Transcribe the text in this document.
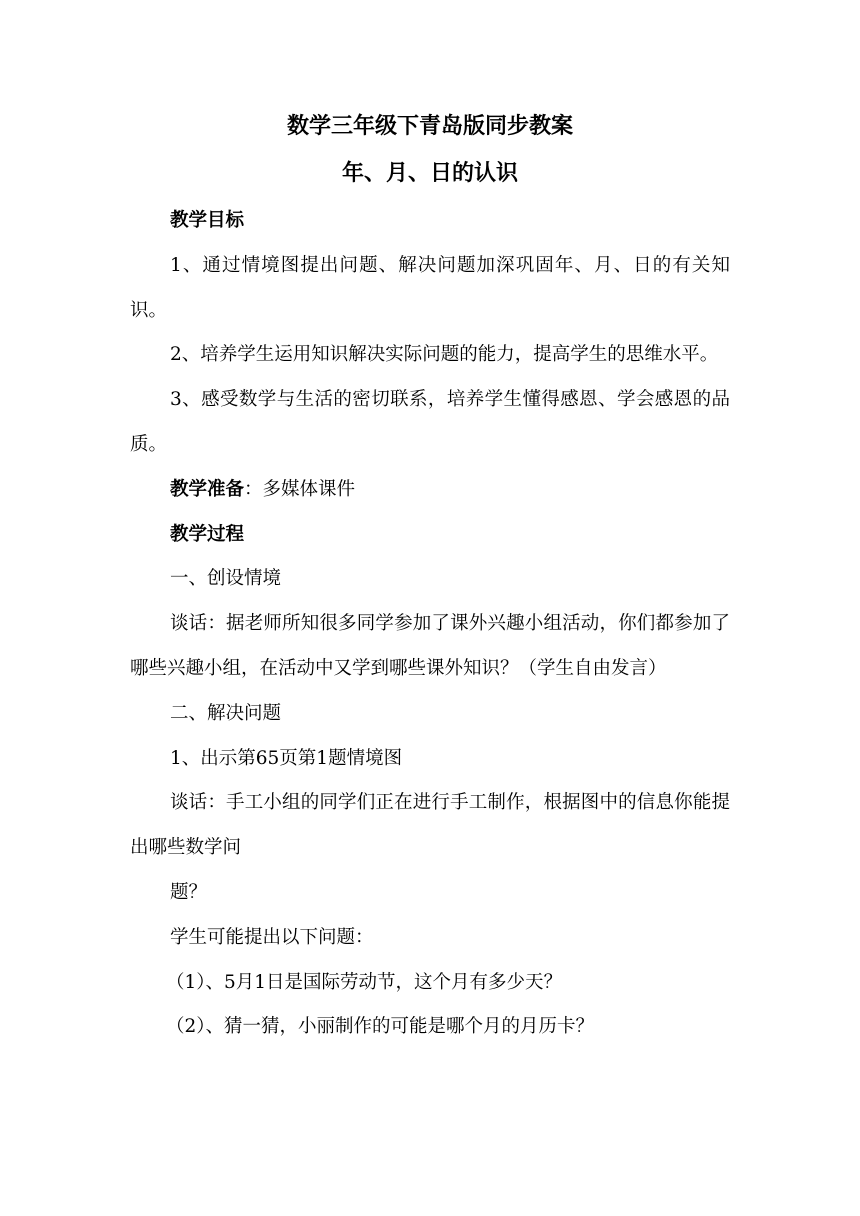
数学三年级下青岛版同步教案
年、月、日的认识

教学目标

1、通过情境图提出问题、解决问题加深巩固年、月、日的有关知识。

2、培养学生运用知识解决实际问题的能力，提高学生的思维水平。

3、感受数学与生活的密切联系，培养学生懂得感恩、学会感恩的品质。

教学准备：多媒体课件

教学过程

一、创设情境

谈话：据老师所知很多同学参加了课外兴趣小组活动，你们都参加了哪些兴趣小组，在活动中又学到哪些课外知识？（学生自由发言）

二、解决问题

1、出示第65页第1题情境图

谈话：手工小组的同学们正在进行手工制作，根据图中的信息你能提出哪些数学问

题？

学生可能提出以下问题：

（1）、5月1日是国际劳动节，这个月有多少天？

（2）、猜一猜，小丽制作的可能是哪个月的月历卡？
